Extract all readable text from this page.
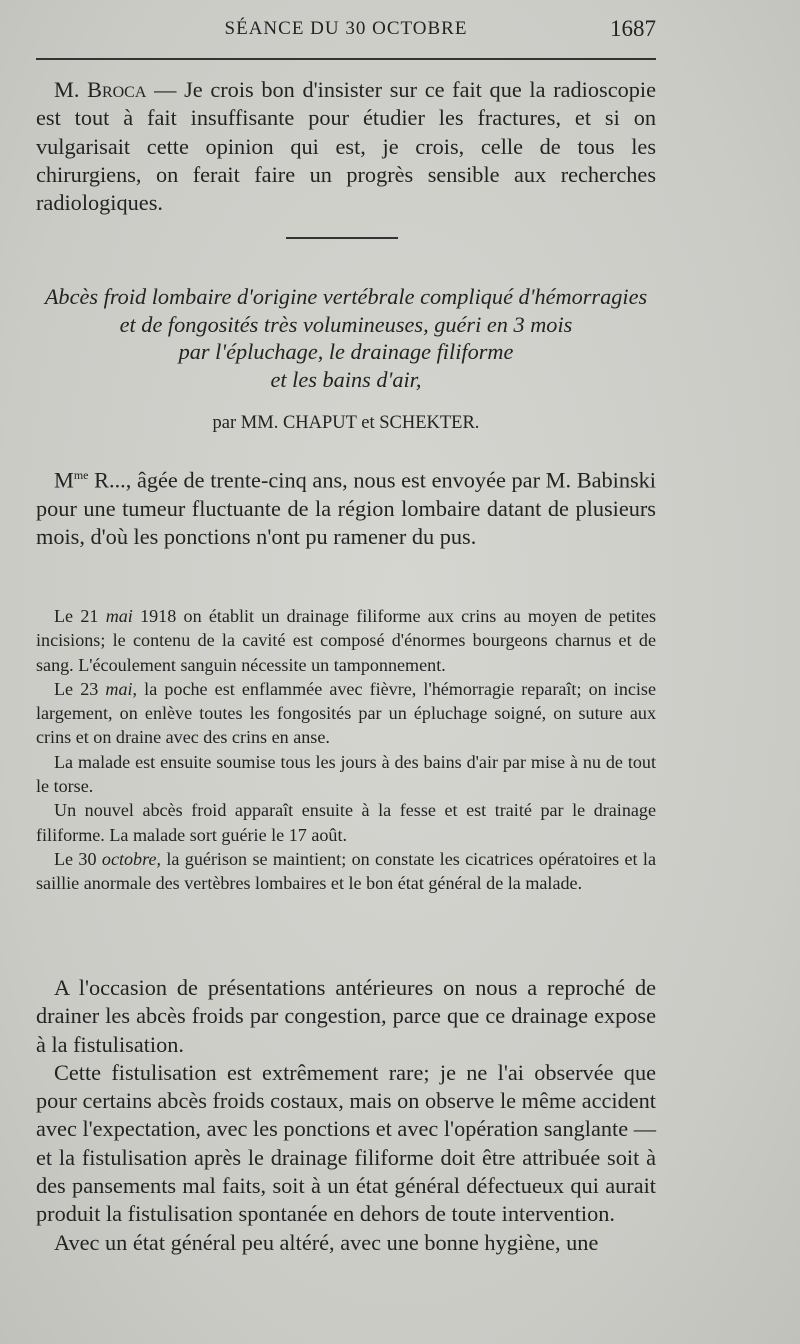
SÉANCE DU 30 OCTOBRE	1687

M. Broca — Je crois bon d'insister sur ce fait que la radioscopie est tout à fait insuffisante pour étudier les fractures, et si on vulgarisait cette opinion qui est, je crois, celle de tous les chirurgiens, on ferait faire un progrès sensible aux recherches radiologiques.

Abcès froid lombaire d'origine vertébrale compliqué d'hémorragies
et de fongosités très volumineuses, guéri en 3 mois
par l'épluchage, le drainage filiforme
et les bains d'air,
par MM. CHAPUT et SCHEKTER.

$M^{me}$ R..., âgée de trente-cinq ans, nous est envoyée par M. Babinski pour une tumeur fluctuante de la région lombaire datant de plusieurs mois, d'où les ponctions n'ont pu ramener du pus.

Le 21 mai 1918 on établit un drainage filiforme aux crins au moyen de petites incisions; le contenu de la cavité est composé d'énormes bourgeons charnus et de sang. L'écoulement sanguin nécessite un tamponnement.

Le 23 mai, la poche est enflammée avec fièvre, l'hémorragie reparaît; on incise largement, on enlève toutes les fongosités par un épluchage soigné, on suture aux crins et on draine avec des crins en anse.

La malade est ensuite soumise tous les jours à des bains d'air par mise à nu de tout le torse.

Un nouvel abcès froid apparaît ensuite à la fesse et est traité par le drainage filiforme. La malade sort guérie le 17 août.

Le 30 octobre, la guérison se maintient; on constate les cicatrices opératoires et la saillie anormale des vertèbres lombaires et le bon état général de la malade.

A l'occasion de présentations antérieures on nous a reproché de drainer les abcès froids par congestion, parce que ce drainage expose à la fistulisation.

Cette fistulisation est extrêmement rare; je ne l'ai observée que pour certains abcès froids costaux, mais on observe le même accident avec l'expectation, avec les ponctions et avec l'opération sanglante — et la fistulisation après le drainage filiforme doit être attribuée soit à des pansements mal faits, soit à un état général défectueux qui aurait produit la fistulisation spontanée en dehors de toute intervention.

Avec un état général peu altéré, avec une bonne hygiène, une
